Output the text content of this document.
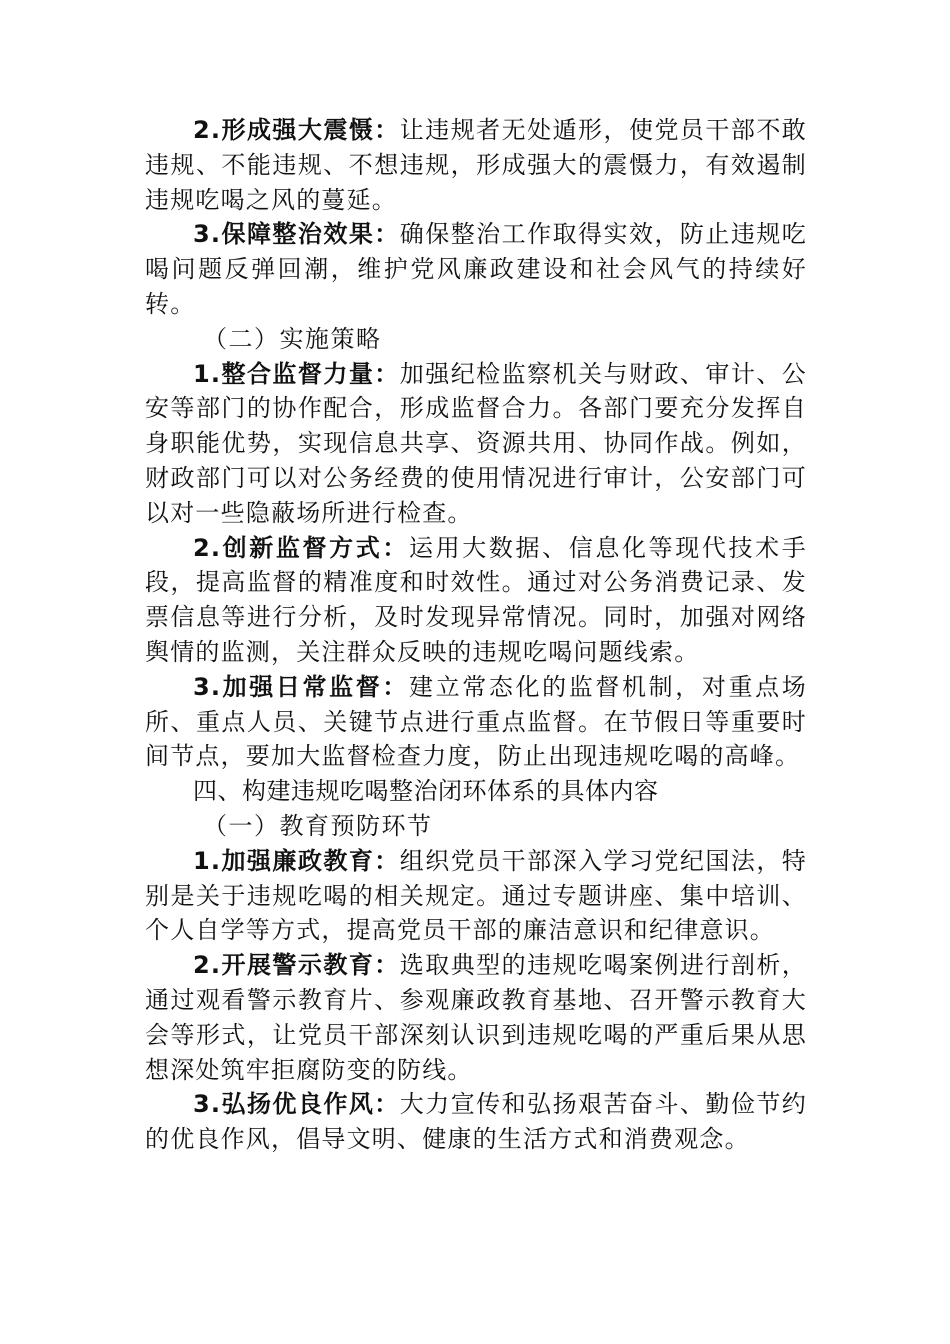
2.形成强大震慑：让违规者无处遁形，使党员干部不敢违规、不能违规、不想违规，形成强大的震慑力，有效遏制违规吃喝之风的蔓延。

3.保障整治效果：确保整治工作取得实效，防止违规吃喝问题反弹回潮，维护党风廉政建设和社会风气的持续好转。

（二）实施策略

1.整合监督力量：加强纪检监察机关与财政、审计、公安等部门的协作配合，形成监督合力。各部门要充分发挥自身职能优势，实现信息共享、资源共用、协同作战。例如，财政部门可以对公务经费的使用情况进行审计，公安部门可以对一些隐蔽场所进行检查。

2.创新监督方式：运用大数据、信息化等现代技术手段，提高监督的精准度和时效性。通过对公务消费记录、发票信息等进行分析，及时发现异常情况。同时，加强对网络舆情的监测，关注群众反映的违规吃喝问题线索。

3.加强日常监督：建立常态化的监督机制，对重点场所、重点人员、关键节点进行重点监督。在节假日等重要时间节点，要加大监督检查力度，防止出现违规吃喝的高峰。

四、构建违规吃喝整治闭环体系的具体内容

（一）教育预防环节

1.加强廉政教育：组织党员干部深入学习党纪国法，特别是关于违规吃喝的相关规定。通过专题讲座、集中培训、个人自学等方式，提高党员干部的廉洁意识和纪律意识。

2.开展警示教育：选取典型的违规吃喝案例进行剖析，通过观看警示教育片、参观廉政教育基地、召开警示教育大会等形式，让党员干部深刻认识到违规吃喝的严重后果从思想深处筑牢拒腐防变的防线。

3.弘扬优良作风：大力宣传和弘扬艰苦奋斗、勤俭节约的优良作风，倡导文明、健康的生活方式和消费观念。
